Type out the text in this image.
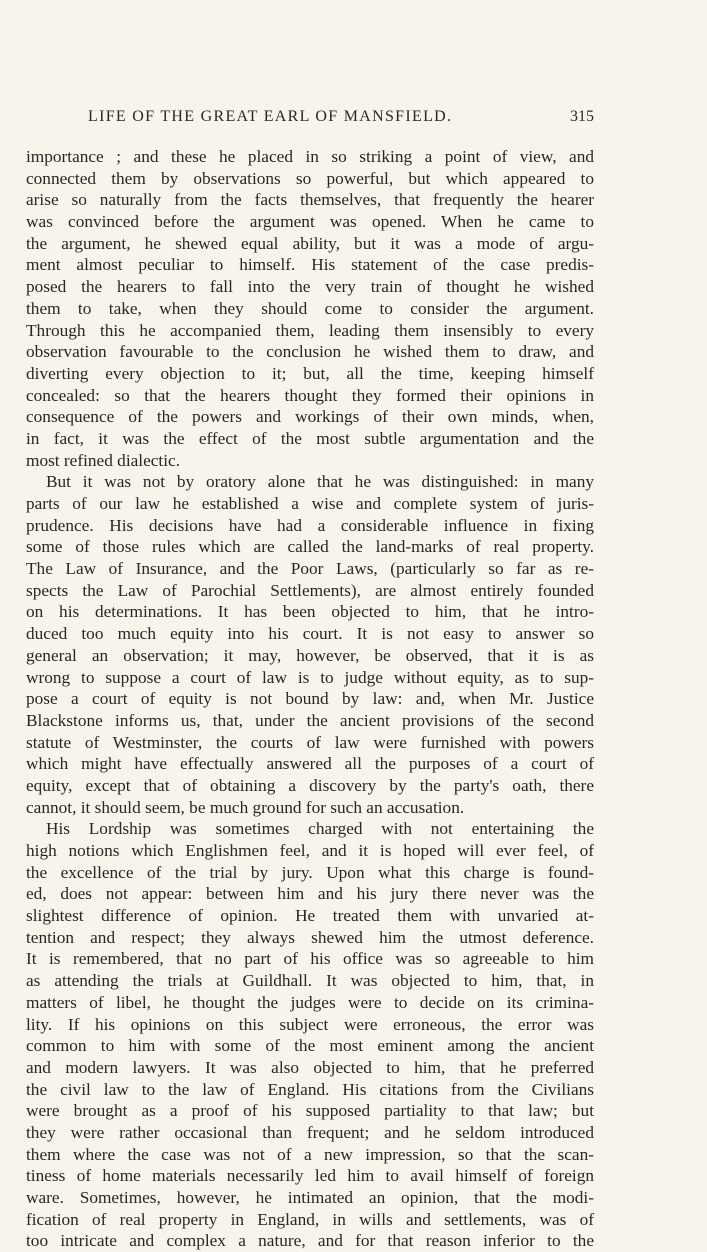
LIFE OF THE GREAT EARL OF MANSFIELD.	315
importance ; and these he placed in so striking a point of view, and
connected them by observations so powerful, but which appeared to
arise so naturally from the facts themselves, that frequently the hearer
was convinced before the argument was opened. When he came to
the argument, he shewed equal ability, but it was a mode of argu-
ment almost peculiar to himself. His statement of the case predis-
posed the hearers to fall into the very train of thought he wished
them to take, when they should come to consider the argument.
Through this he accompanied them, leading them insensibly to every
observation favourable to the conclusion he wished them to draw, and
diverting every objection to it; but, all the time, keeping himself
concealed: so that the hearers thought they formed their opinions in
consequence of the powers and workings of their own minds, when,
in fact, it was the effect of the most subtle argumentation and the
most refined dialectic.
But it was not by oratory alone that he was distinguished: in many
parts of our law he established a wise and complete system of juris-
prudence. His decisions have had a considerable influence in fixing
some of those rules which are called the land-marks of real property.
The Law of Insurance, and the Poor Laws, (particularly so far as re-
spects the Law of Parochial Settlements), are almost entirely founded
on his determinations. It has been objected to him, that he intro-
duced too much equity into his court. It is not easy to answer so
general an observation; it may, however, be observed, that it is as
wrong to suppose a court of law is to judge without equity, as to sup-
pose a court of equity is not bound by law: and, when Mr. Justice
Blackstone informs us, that, under the ancient provisions of the second
statute of Westminster, the courts of law were furnished with powers
which might have effectually answered all the purposes of a court of
equity, except that of obtaining a discovery by the party's oath, there
cannot, it should seem, be much ground for such an accusation.
His Lordship was sometimes charged with not entertaining the
high notions which Englishmen feel, and it is hoped will ever feel, of
the excellence of the trial by jury. Upon what this charge is found-
ed, does not appear: between him and his jury there never was the
slightest difference of opinion. He treated them with unvaried at-
tention and respect; they always shewed him the utmost deference.
It is remembered, that no part of his office was so agreeable to him
as attending the trials at Guildhall. It was objected to him, that, in
matters of libel, he thought the judges were to decide on its crimina-
lity. If his opinions on this subject were erroneous, the error was
common to him with some of the most eminent among the ancient
and modern lawyers. It was also objected to him, that he preferred
the civil law to the law of England. His citations from the Civilians
were brought as a proof of his supposed partiality to that law; but
they were rather occasional than frequent; and he seldom introduced
them where the case was not of a new impression, so that the scan-
tiness of home materials necessarily led him to avail himself of foreign
ware. Sometimes, however, he intimated an opinion, that the modi-
fication of real property in England, in wills and settlements, was of
too intricate and complex a nature, and for that reason inferior to the
